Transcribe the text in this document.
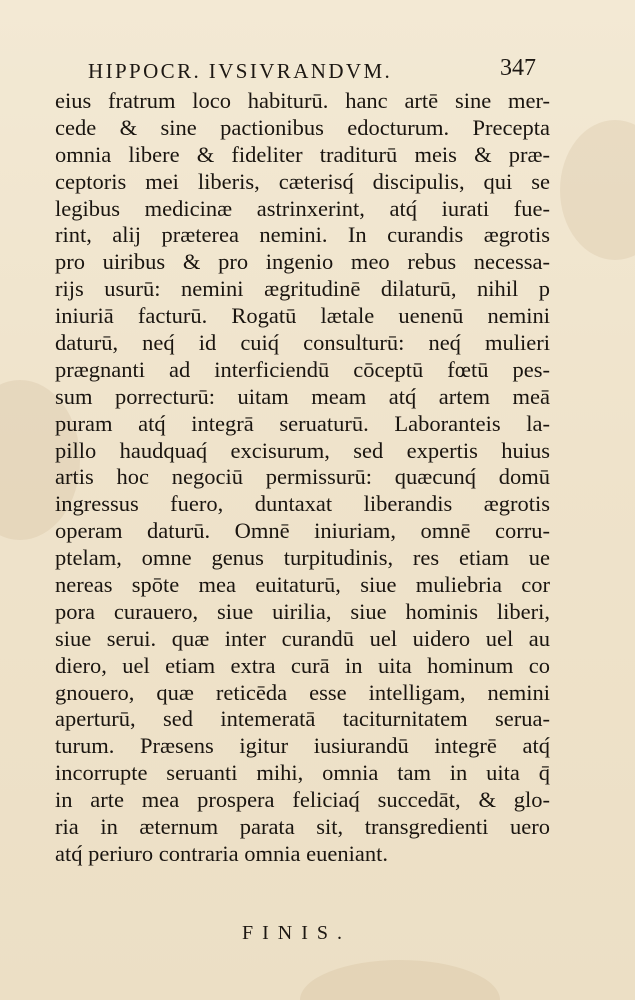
HIPPOCR. IVSIVRANDVM.	347
eius fratrum loco habiturū. hanc artē sine mer-
cede & sine pactionibus edocturum. Precepta
omnia libere & fideliter traditurū meis & præ-
ceptoris mei liberis, cæterisq́ discipulis, qui se
legibus medicinæ astrinxerint, atq́ iurati fue-
rint, alij præterea nemini. In curandis ægrotis
pro uiribus & pro ingenio meo rebus necessa-
rijs usurū: nemini ægritudinē dilaturū, nihil p
iniuriā facturū. Rogatū lætale uenenū nemini
daturū, neq́ id cuiq́ consulturū: neq́ mulieri
prægnanti ad interficiendū cōceptū fœtū pes-
sum porrecturū: uitam meam atq́ artem meā
puram atq́ integrā seruaturū. Laboranteis la-
pillo haudquaq́ excisurum, sed expertis huius
artis hoc negociū permissurū: quæcunq́ domū
ingressus fuero, duntaxat liberandis ægrotis
operam daturū. Omnē iniuriam, omnē corru-
ptelam, omne genus turpitudinis, res etiam ue
nereas spōte mea euitaturū, siue muliebria cor
pora curauero, siue uirilia, siue hominis liberi,
siue serui. quæ inter curandū uel uidero uel au
diero, uel etiam extra curā in uita hominum co
gnouero, quæ reticēda esse intelligam, nemini
aperturū, sed intemeratā taciturnitatem serua-
turum. Præsens igitur iusiurandū integrē atq́
incorrupte seruanti mihi, omnia tam in uita q̄
in arte mea prospera feliciaq́ succedāt, & glo-
ria in æternum parata sit, transgredienti uero
atq́ periuro contraria omnia eueniant.
FINIS.
